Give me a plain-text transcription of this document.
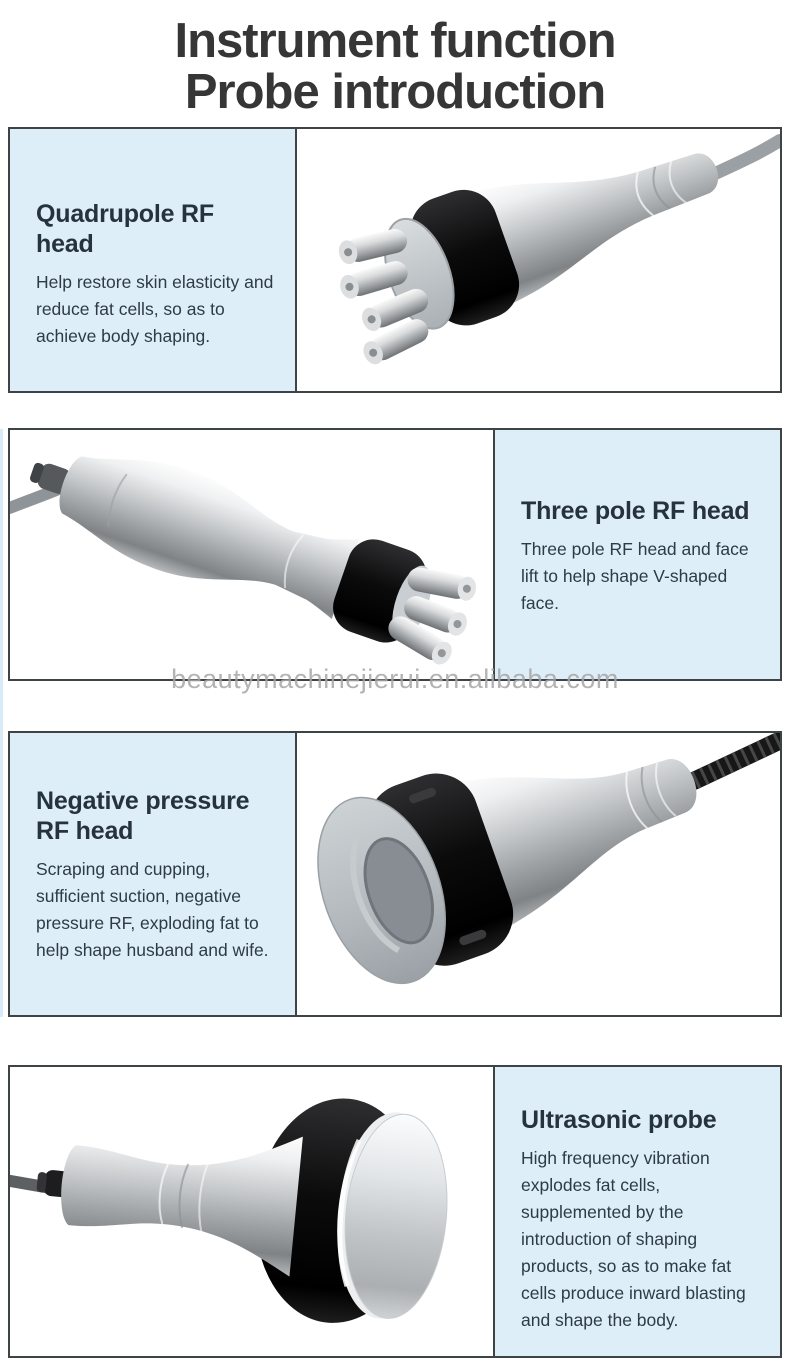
Instrument function
Probe introduction
Quadrupole RF head

Help restore skin elasticity and reduce fat cells, so as to achieve body shaping.

Three pole RF head

Three pole RF head and face lift to help shape V-shaped face.

beautymachinejierui.en.alibaba.com
Negative pressure RF head

Scraping and cupping, sufficient suction, negative pressure RF, exploding fat to help shape husband and wife.

Ultrasonic probe

High frequency vibration explodes fat cells, supplemented by the introduction of shaping products, so as to make fat cells produce inward blasting and shape the body.
